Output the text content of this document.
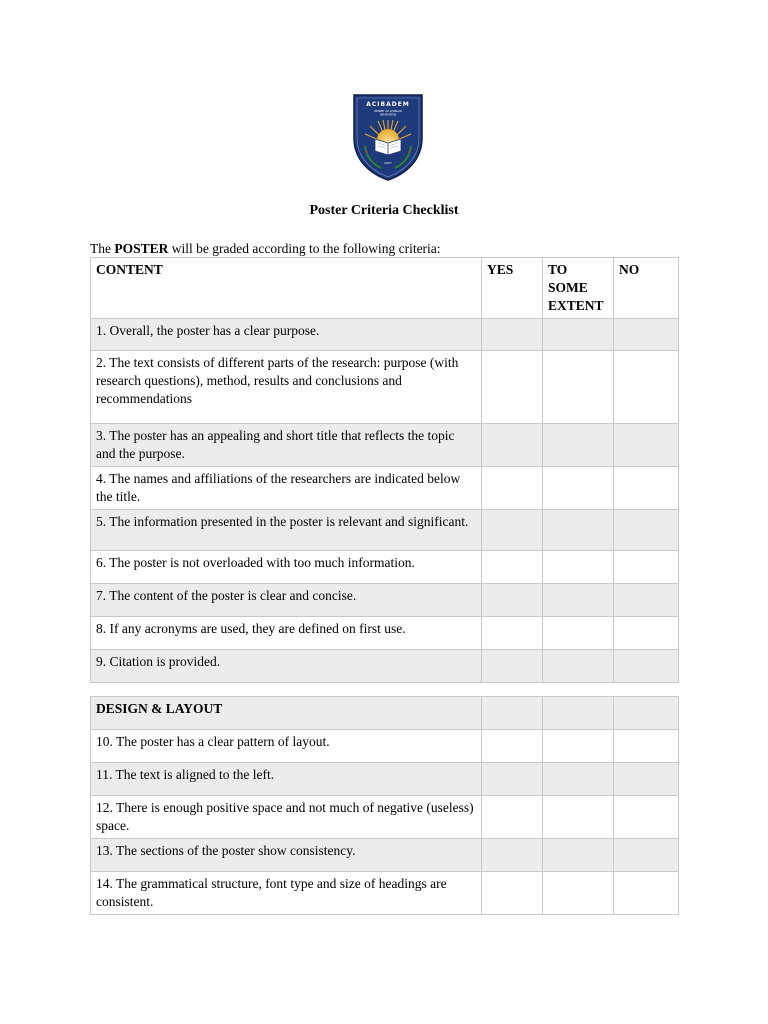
ACIBADEM
MEHMET ALİ AYDINLAR
ÜNİVERSİTESİ
2007
Poster Criteria Checklist
The POSTER will be graded according to the following criteria:
CONTENT	YES	TO SOME EXTENT	NO
1. Overall, the poster has a clear purpose.			
2. The text consists of different parts of the research: purpose (with research questions), method, results and conclusions and recommendations			
3. The poster has an appealing and short title that reflects the topic and the purpose.			
4. The names and affiliations of the researchers are indicated below the title.			
5. The information presented in the poster is relevant and significant.			
6. The poster is not overloaded with too much information.			
7. The content of the poster is clear and concise.			
8. If any acronyms are used, they are defined on first use.			
9. Citation is provided.			
DESIGN & LAYOUT			
10. The poster has a clear pattern of layout.			
11. The text is aligned to the left.			
12. There is enough positive space and not much of negative (useless) space.			
13. The sections of the poster show consistency.			
14. The grammatical structure, font type and size of headings are consistent.			
